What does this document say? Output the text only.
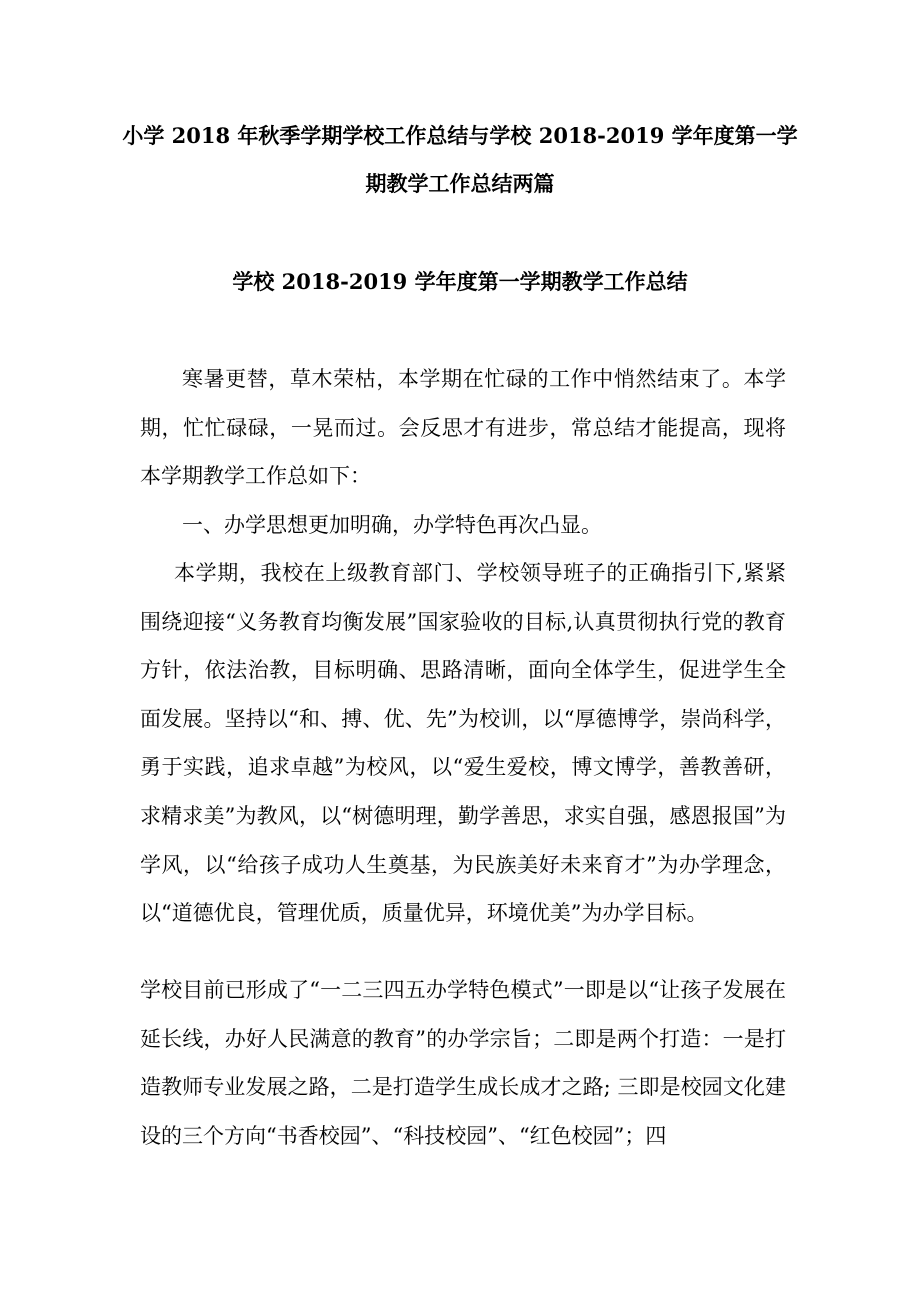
小学 2018 年秋季学期学校工作总结与学校 2018-2019 学年度第一学
期教学工作总结两篇
学校 2018-2019 学年度第一学期教学工作总结
寒暑更替，草木荣枯，本学期在忙碌的工作中悄然结束了。本学期，忙忙碌碌，一晃而过。会反思才有进步，常总结才能提高，现将本学期教学工作总如下：
一、办学思想更加明确，办学特色再次凸显。
本学期，我校在上级教育部门、学校领导班子的正确指引下,紧紧围绕迎接“义务教育均衡发展”国家验收的目标,认真贯彻执行党的教育方针，依法治教，目标明确、思路清晰，面向全体学生，促进学生全面发展。坚持以“和、搏、优、先”为校训，以“厚德博学，崇尚科学，勇于实践，追求卓越”为校风，以“爱生爱校，博文博学，善教善研，求精求美”为教风，以“树德明理，勤学善思，求实自强，感恩报国”为学风，以“给孩子成功人生奠基，为民族美好未来育才”为办学理念，以“道德优良，管理优质，质量优异，环境优美”为办学目标。
学校目前已形成了“一二三四五办学特色模式”一即是以“让孩子发展在延长线，办好人民满意的教育”的办学宗旨；二即是两个打造：一是打造教师专业发展之路，二是打造学生成长成才之路; 三即是校园文化建设的三个方向“书香校园”、“科技校园”、“红色校园”；四
